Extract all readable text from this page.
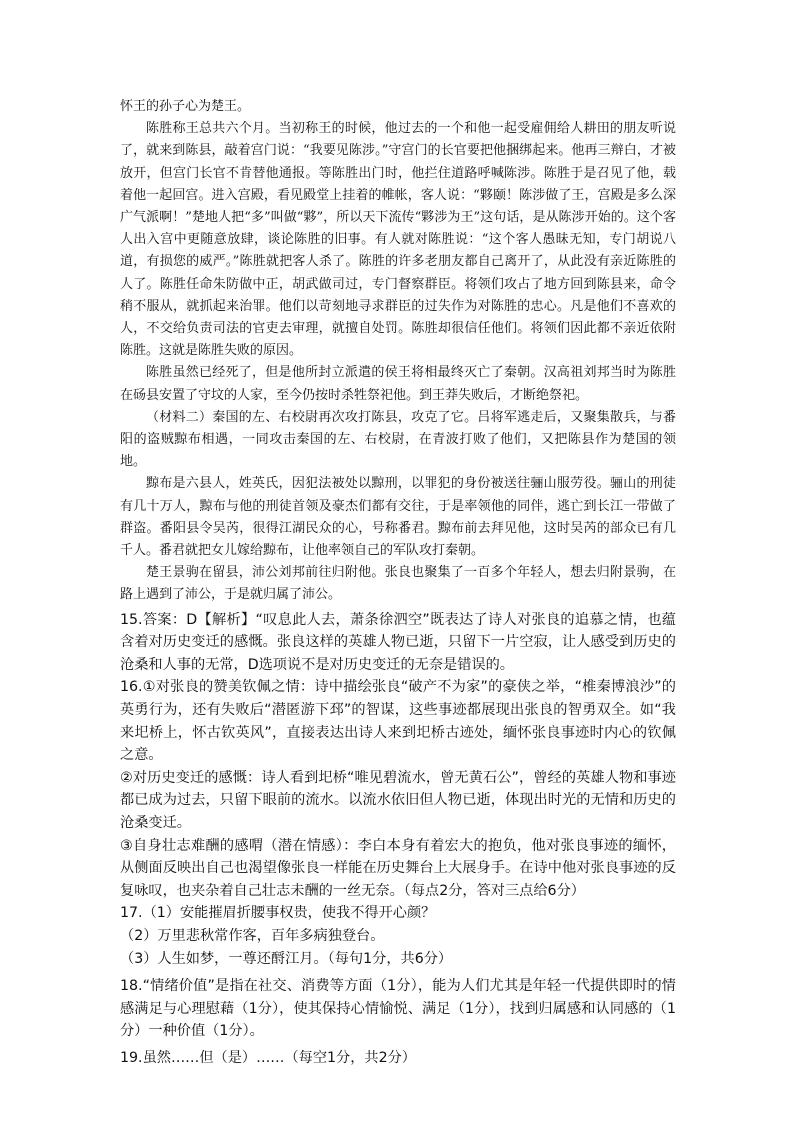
怀王的孙子心为楚王。

陈胜称王总共六个月。当初称王的时候，他过去的一个和他一起受雇佣给人耕田的朋友听说了，就来到陈县，敲着宫门说：“我要见陈涉。”守宫门的长官要把他捆绑起来。他再三辩白，才被放开，但宫门长官不肯替他通报。等陈胜出门时，他拦住道路呼喊陈涉。陈胜于是召见了他，载着他一起回宫。进入宫殿，看见殿堂上挂着的帷帐，客人说：“夥颐！陈涉做了王，宫殿是多么深广气派啊！”楚地人把“多”叫做“夥”，所以天下流传“夥涉为王”这句话，是从陈涉开始的。这个客人出入宫中更随意放肆，谈论陈胜的旧事。有人就对陈胜说：“这个客人愚昧无知，专门胡说八道，有损您的威严。”陈胜就把客人杀了。陈胜的许多老朋友都自己离开了，从此没有亲近陈胜的人了。陈胜任命朱防做中正，胡武做司过，专门督察群臣。将领们攻占了地方回到陈县来，命令稍不服从，就抓起来治罪。他们以苛刻地寻求群臣的过失作为对陈胜的忠心。凡是他们不喜欢的人，不交给负责司法的官吏去审理，就擅自处罚。陈胜却很信任他们。将领们因此都不亲近依附陈胜。这就是陈胜失败的原因。

陈胜虽然已经死了，但是他所封立派遣的侯王将相最终灭亡了秦朝。汉高祖刘邦当时为陈胜在砀县安置了守坟的人家，至今仍按时杀牲祭祀他。到王莽失败后，才断绝祭祀。

（材料二）秦国的左、右校尉再次攻打陈县，攻克了它。吕将军逃走后，又聚集散兵，与番阳的盗贼黥布相遇，一同攻击秦国的左、右校尉，在青波打败了他们，又把陈县作为楚国的领地。

黥布是六县人，姓英氏，因犯法被处以黥刑，以罪犯的身份被送往骊山服劳役。骊山的刑徒有几十万人，黥布与他的刑徒首领及豪杰们都有交往，于是率领他的同伴，逃亡到长江一带做了群盗。番阳县令吴芮，很得江湖民众的心，号称番君。黥布前去拜见他，这时吴芮的部众已有几千人。番君就把女儿嫁给黥布，让他率领自己的军队攻打秦朝。

楚王景驹在留县，沛公刘邦前往归附他。张良也聚集了一百多个年轻人，想去归附景驹，在路上遇到了沛公，于是就归属了沛公。

15.答案：D【解析】“叹息此人去，萧条徐泗空”既表达了诗人对张良的追慕之情，也蕴含着对历史变迁的感慨。张良这样的英雄人物已逝，只留下一片空寂，让人感受到历史的沧桑和人事的无常，D选项说不是对历史变迁的无奈是错误的。

16.①对张良的赞美钦佩之情：诗中描绘张良“破产不为家”的豪侠之举，“椎秦博浪沙”的英勇行为，还有失败后“潜匿游下邳”的智谋，这些事迹都展现出张良的智勇双全。如“我来圯桥上，怀古钦英风”，直接表达出诗人来到圯桥古迹处，缅怀张良事迹时内心的钦佩之意。

②对历史变迁的感慨：诗人看到圯桥“唯见碧流水，曾无黄石公”，曾经的英雄人物和事迹都已成为过去，只留下眼前的流水。以流水依旧但人物已逝，体现出时光的无情和历史的沧桑变迁。

③自身壮志难酬的感喟（潜在情感）：李白本身有着宏大的抱负，他对张良事迹的缅怀，从侧面反映出自己也渴望像张良一样能在历史舞台上大展身手。在诗中他对张良事迹的反复咏叹，也夹杂着自己壮志未酬的一丝无奈。（每点2分，答对三点给6分）

17.（1）安能摧眉折腰事权贵，使我不得开心颜？

（2）万里悲秋常作客，百年多病独登台。

（3）人生如梦，一尊还酹江月。（每句1分，共6分）

18.“情绪价值”是指在社交、消费等方面（1分），能为人们尤其是年轻一代提供即时的情感满足与心理慰藉（1分），使其保持心情愉悦、满足（1分），找到归属感和认同感的（1分）一种价值（1分）。

19.虽然……但（是）……（每空1分，共2分）
